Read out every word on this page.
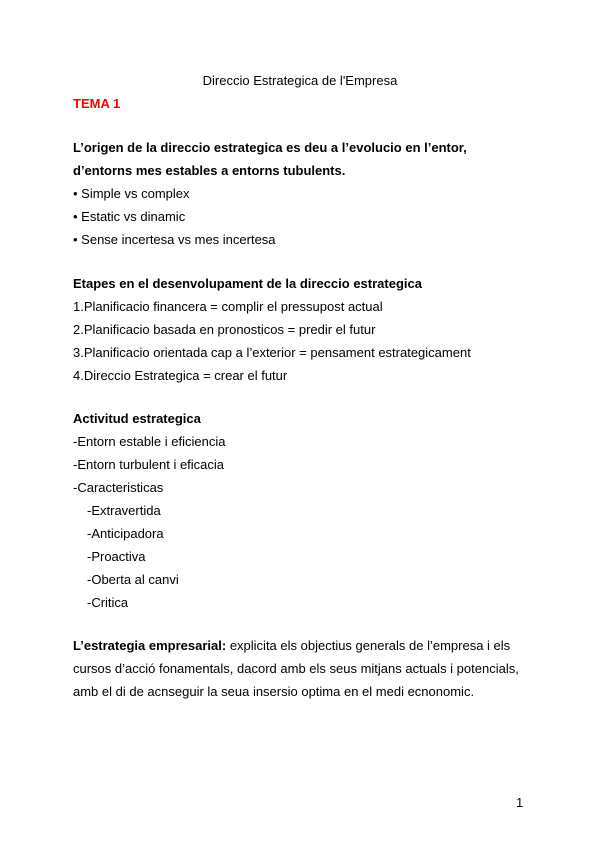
Direccio Estrategica de l'Empresa
TEMA 1
L’origen de la direccio estrategica es deu a l’evolucio en l’entor,
d’entorns mes estables a entorns tubulents.
• Simple vs complex
• Estatic vs dinamic
• Sense incertesa vs mes incertesa
Etapes en el desenvolupament de la direccio estrategica
1.Planificacio financera = complir el pressupost actual
2.Planificacio basada en pronosticos = predir el futur
3.Planificacio orientada cap a l’exterior = pensament estrategicament
4.Direccio Estrategica = crear el futur
Activitud estrategica
-Entorn estable i eficiencia
-Entorn turbulent i eficacia
-Caracteristicas
-Extravertida
-Anticipadora
-Proactiva
-Oberta al canvi
-Critica
L’estrategia empresarial: explicita els objectius generals de l’empresa i els
cursos d’acció fonamentals, dacord amb els seus mitjans actuals i potencials,
amb el di de acnseguir la seua insersio optima en el medi ecnonomic.
1
